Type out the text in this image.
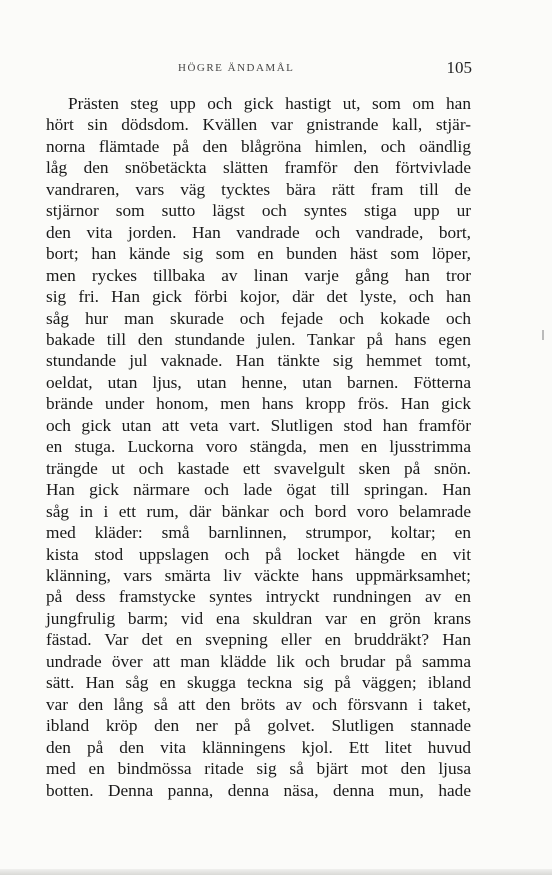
HÖGRE ÄNDAMÅL	105
Prästen steg upp och gick hastigt ut, som om han
hört sin dödsdom. Kvällen var gnistrande kall, stjär-
norna flämtade på den blågröna himlen, och oändlig
låg den snöbetäckta slätten framför den förtvivlade
vandraren, vars väg tycktes bära rätt fram till de
stjärnor som sutto lägst och syntes stiga upp ur
den vita jorden. Han vandrade och vandrade, bort,
bort; han kände sig som en bunden häst som löper,
men ryckes tillbaka av linan varje gång han tror
sig fri. Han gick förbi kojor, där det lyste, och han
såg hur man skurade och fejade och kokade och
bakade till den stundande julen. Tankar på hans egen
stundande jul vaknade. Han tänkte sig hemmet tomt,
oeldat, utan ljus, utan henne, utan barnen. Fötterna
brände under honom, men hans kropp frös. Han gick
och gick utan att veta vart. Slutligen stod han framför
en stuga. Luckorna voro stängda, men en ljusstrimma
trängde ut och kastade ett svavelgult sken på snön.
Han gick närmare och lade ögat till springan. Han
såg in i ett rum, där bänkar och bord voro belamrade
med kläder: små barnlinnen, strumpor, koltar; en
kista stod uppslagen och på locket hängde en vit
klänning, vars smärta liv väckte hans uppmärksamhet;
på dess framstycke syntes intryckt rundningen av en
jungfrulig barm; vid ena skuldran var en grön krans
fästad. Var det en svepning eller en bruddräkt? Han
undrade över att man klädde lik och brudar på samma
sätt. Han såg en skugga teckna sig på väggen; ibland
var den lång så att den bröts av och försvann i taket,
ibland kröp den ner på golvet. Slutligen stannade
den på den vita klänningens kjol. Ett litet huvud
med en bindmössa ritade sig så bjärt mot den ljusa
botten. Denna panna, denna näsa, denna mun, hade
